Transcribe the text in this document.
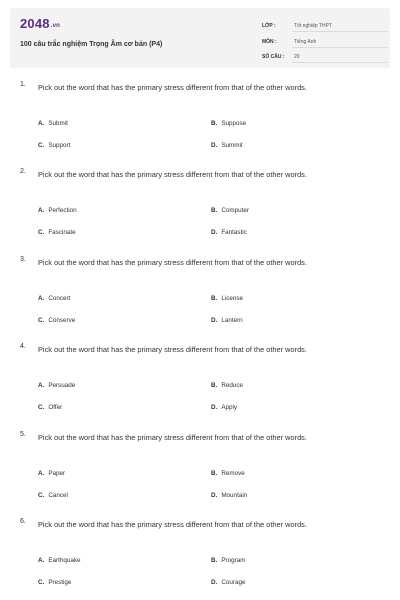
2048.vn
100 câu trắc nghiệm Trọng Âm cơ bản (P4)
LỚP :	Tốt nghiệp THPT
MÔN :	Tiếng Anh
SỐ CÂU : 20
1. Pick out the word that has the primary stress different from that of the other words.
A. Submit	B. Suppose
C. Support	D. Summit
2. Pick out the word that has the primary stress different from that of the other words.
A. Perfection	B. Computer
C. Fascinate	D. Fantastic
3. Pick out the word that has the primary stress different from that of the other words.
A. Concert	B. License
C. Conserve	D. Lantern
4. Pick out the word that has the primary stress different from that of the other words.
A. Persuade	B. Reduce
C. Offer	D. Apply
5. Pick out the word that has the primary stress different from that of the other words.
A. Paper	B. Remove
C. Cancel	D. Mountain
6. Pick out the word that has the primary stress different from that of the other words.
A. Earthquake	B. Program
C. Prestige	D. Courage
